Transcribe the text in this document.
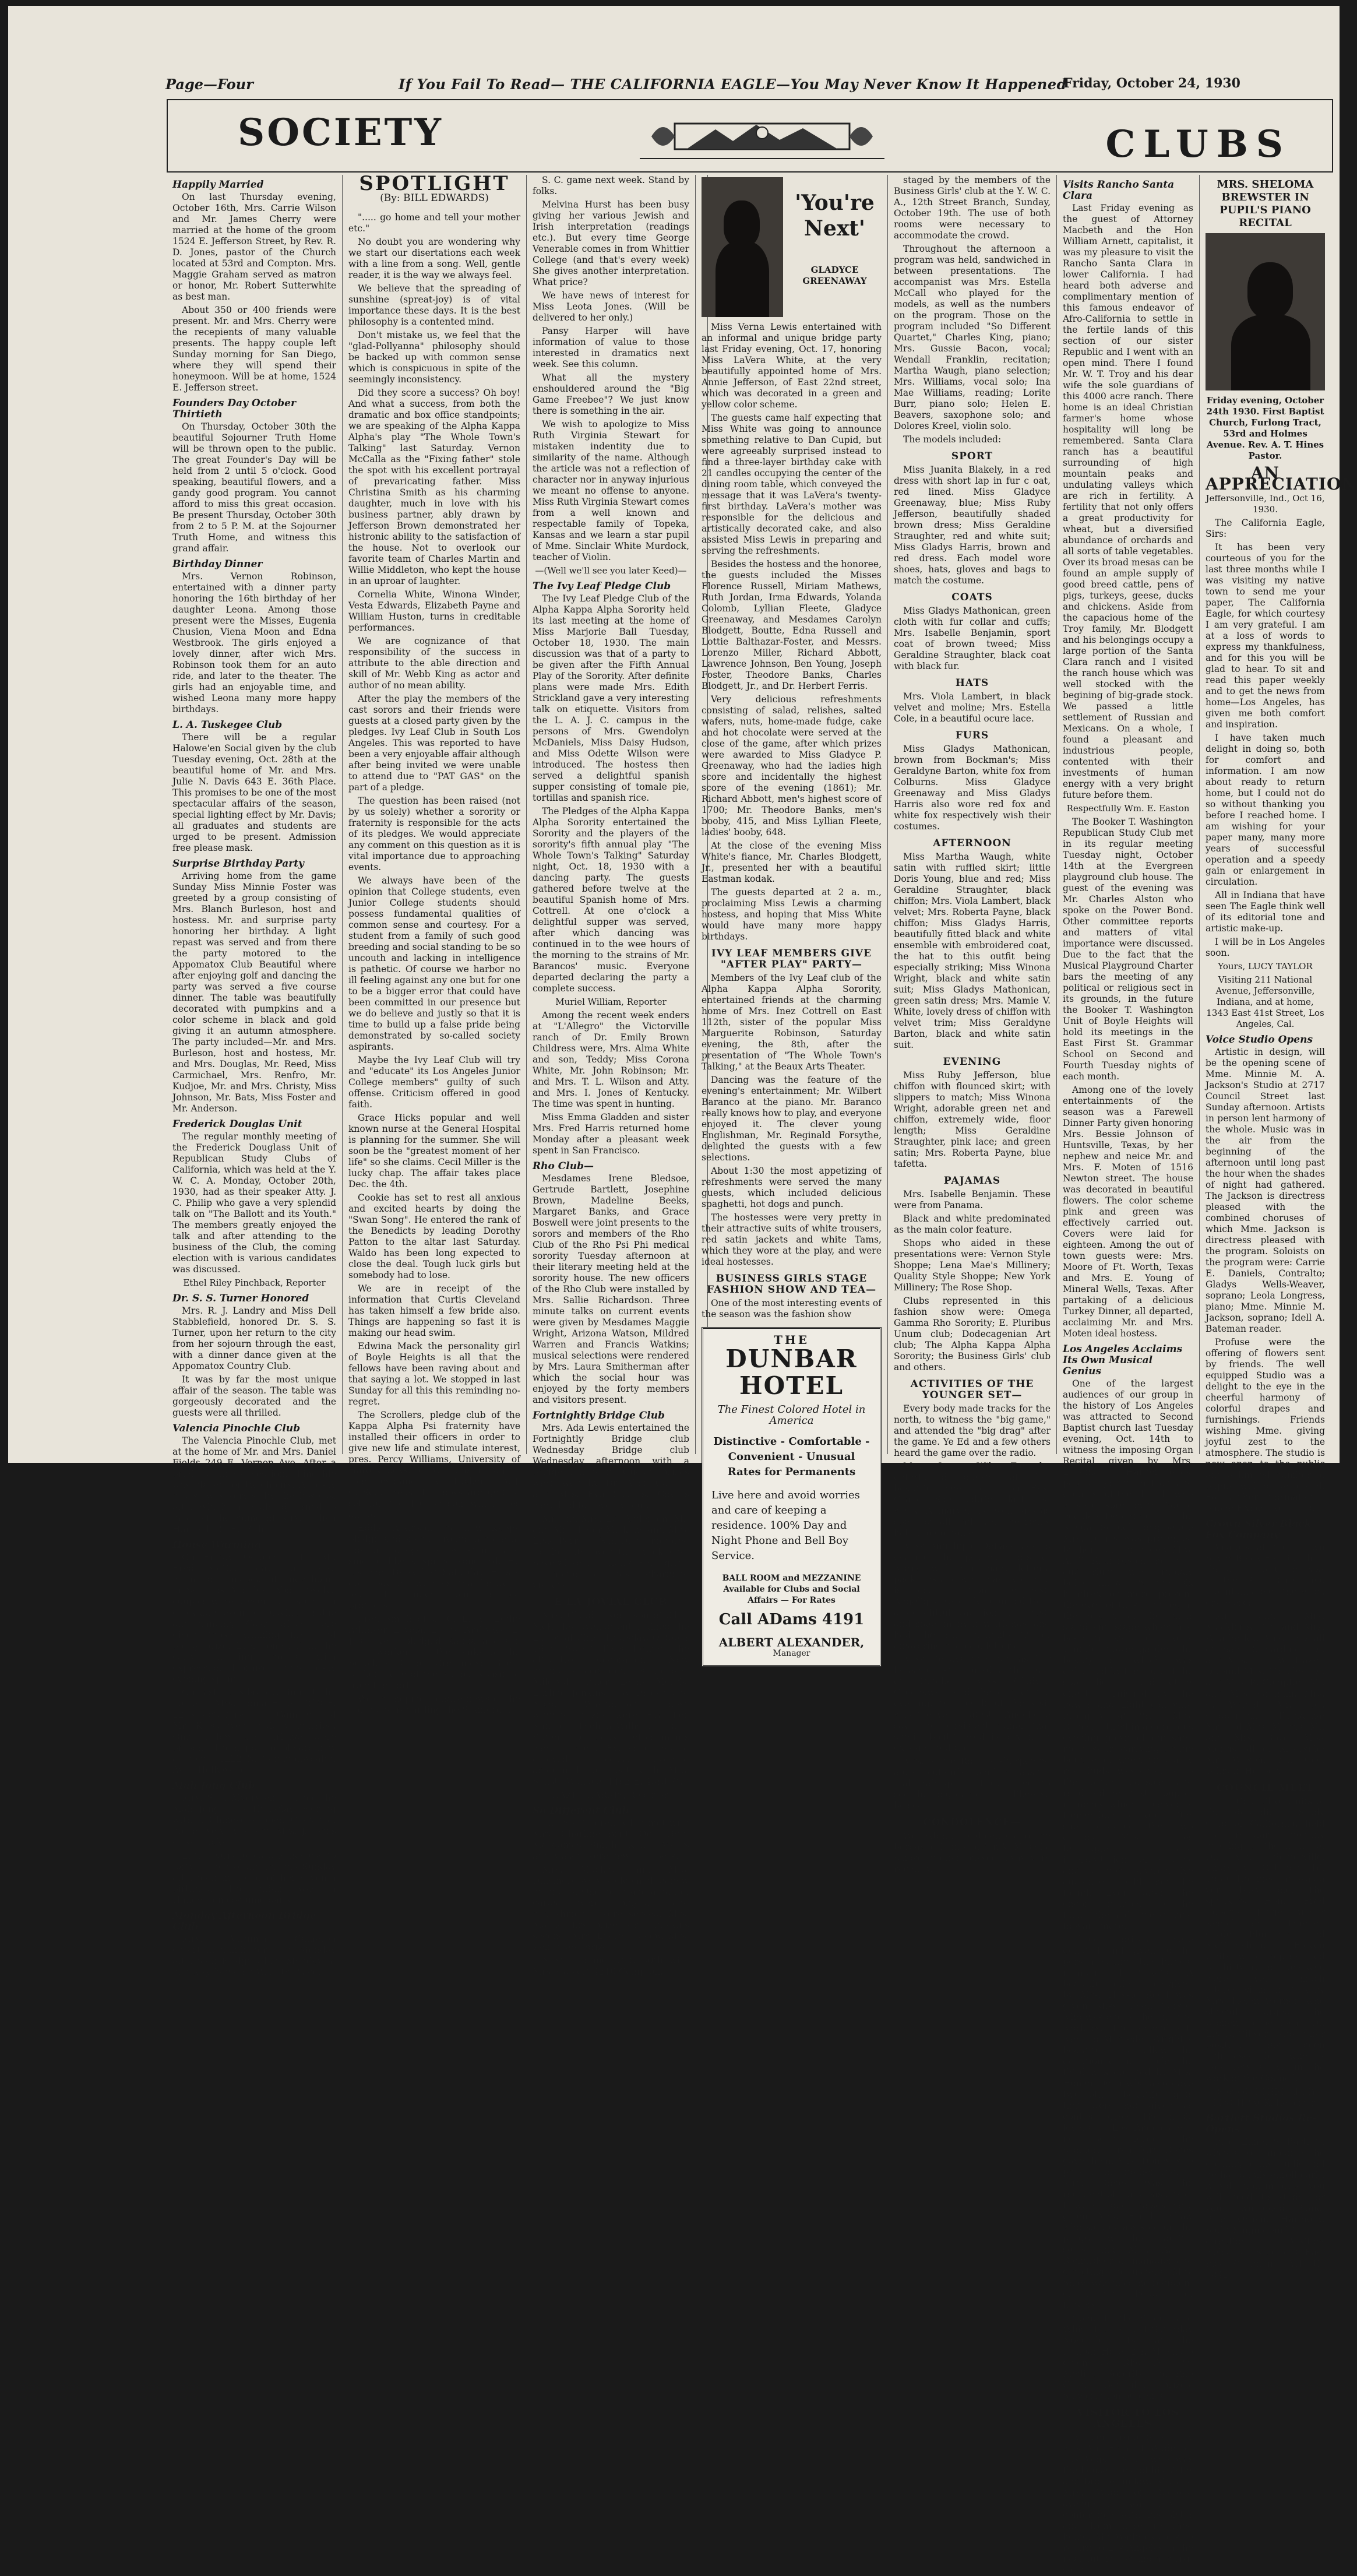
Page—Four	If You Fail To Read— THE CALIFORNIA EAGLE—You May Never Know It Happened
Friday, October 24, 1930
SOCIETY	CLUBS
Happily Married

On last Thursday evening, October 16th, Mrs. Carrie Wilson and Mr. James Cherry were married at the home of the groom 1524 E. Jefferson Street, by Rev. R. D. Jones, pastor of the Church located at 53rd and Compton. Mrs. Maggie Graham served as matron or honor, Mr. Robert Sutterwhite as best man.

About 350 or 400 friends were present. Mr. and Mrs. Cherry were the recepients of many valuable presents. The happy couple left Sunday morning for San Diego, where they will spend their honeymoon. Will be at home, 1524 E. Jefferson street.

Founders Day October Thirtieth

On Thursday, October 30th the beautiful Sojourner Truth Home will be thrown open to the public. The great Founder's Day will be held from 2 until 5 o'clock. Good speaking, beautiful flowers, and a gandy good program. You cannot afford to miss this great occasion. Be present Thursday, October 30th from 2 to 5 P. M. at the Sojourner Truth Home, and witness this grand affair.

Birthday Dinner

Mrs. Vernon Robinson, entertained with a dinner party honoring the 16th birthday of her daughter Leona. Among those present were the Misses, Eugenia Chusion, Viena Moon and Edna Westbrook. The girls enjoyed a lovely dinner, after wich Mrs. Robinson took them for an auto ride, and later to the theater. The girls had an enjoyable time, and wished Leona many more happy birthdays.

L. A. Tuskegee Club

There will be a regular Halowe'en Social given by the club Tuesday evening, Oct. 28th at the beautiful home of Mr. and Mrs. Julie N. Davis 643 E. 36th Place. This promises to be one of the most spectacular affairs of the season, special lighting effect by Mr. Davis; all graduates and students are urged to be present. Admission free please mask.

Surprise Birthday Party

Arriving home from the game Sunday Miss Minnie Foster was greeted by a group consisting of Mrs. Blanch Burleson, host and hostess. Mr. and surprise party honoring her birthday. A light repast was served and from there the party motored to the Appomatox Club Beautiful where after enjoying golf and dancing the party was served a five course dinner. The table was beautifully decorated with pumpkins and a color scheme in black and gold giving it an autumn atmosphere. The party included—Mr. and Mrs. Burleson, host and hostess, Mr. and Mrs. Douglas, Mr. Reed, Miss Carmichael, Mrs. Renfro, Mr. Kudjoe, Mr. and Mrs. Christy, Miss Johnson, Mr. Bats, Miss Foster and Mr. Anderson.

Frederick Douglas Unit

The regular monthly meeting of the Frederick Douglass Unit of Republican Study Clubs of California, which was held at the Y. W. C. A. Monday, October 20th, 1930, had as their speaker Atty. J. C. Philip who gave a very splendid talk on "The Ballott and its Youth." The members greatly enjoyed the talk and after attending to the business of the Club, the coming election with is various candidates was discussed.

Ethel Riley Pinchback, Reporter

Dr. S. S. Turner Honored

Mrs. R. J. Landry and Miss Dell Stabblefield, honored Dr. S. S. Turner, upon her return to the city from her sojourn through the east, with a dinner dance given at the Appomatox Country Club.

It was by far the most unique affair of the season. The table was gorgeously decorated and the guests were all thrilled.

Valencia Pinochle Club

The Valencia Pinochle Club, met at the home of Mr. and Mrs. Daniel Fields 249 E. Vernon Ave. After a brief business session. Pinochle was played for two hours. A lovely repast was served by the hostess, after which the club adjourned to meet at the home of Mrs. Lillian Harris 1134 E. 10th St.

House Warming

On Friday, October 17th, Mr. Fred McGee, gave a house warming at his beautiful new home in San Los Angeles. About twelve couples were present and spent an enjoyable evening playing bridge and dancing. Cash prizes were given those winning first and booby prize. Every one left in the early morning hours with expression of praise for the lovely evening spent.

On last Tuesday evening at the home of Mrs. Donia Hale, 1318 E. 22 Street, Miss Julia Gamble, and Mr. Kelso were quietly married. Only a few close friends were present. The happy couple are now at home, 1222 N. Commonwealth, Ave., Hollywood.

Mah Jong Club

Mrs. S. T. Myers entertained the Mah Jong club Thursday evening with a Chinese supper. Guests of honor were Atty. and Mrs. J. Jones of Kentucky.

Little Doris Jones was hostess to forty of her young friends Sunday afternoon in honor of her seventh birthday. The affair was a Hallowe'en costume party.

Monday Afternoon Bridge Club

Mrs. Virginia Cameron entertained in honor of the Monday afternoon Bridge Club, Monday at her cosy home on W. 37th Place.

SPOTLIGHT

(By: BILL EDWARDS)

"..... go home and tell your mother etc."

No doubt you are wondering why we start our disertations each week with a line from a song. Well, gentle reader, it is the way we always feel.

We believe that the spreading of sunshine (spreat-joy) is of vital importance these days. It is the best philosophy is a contented mind.

Don't mistake us, we feel that the "glad-Pollyanna" philosophy should be backed up with common sense which is conspicuous in spite of the seemingly inconsistency.

Did they score a success? Oh boy! And what a success, from both the dramatic and box office standpoints; we are speaking of the Alpha Kappa Alpha's play "The Whole Town's Talking" last Saturday. Vernon McCalla as the "Fixing father" stole the spot with his excellent portrayal of prevaricating father. Miss Christina Smith as his charming daughter, much in love with his business partner, ably drawn by Jefferson Brown demonstrated her histronic ability to the satisfaction of the house. Not to overlook our favorite team of Charles Martin and Willie Middleton, who kept the house in an uproar of laughter.

Cornelia White, Winona Winder, Vesta Edwards, Elizabeth Payne and William Huston, turns in creditable performances.

We are cognizance of that responsibility of the success in attribute to the able direction and skill of Mr. Webb King as actor and author of no mean ability.

After the play the members of the cast sorors and their friends were guests at a closed party given by the pledges. Ivy Leaf Club in South Los Angeles. This was reported to have been a very enjoyable affair although after being invited we were unable to attend due to "PAT GAS" on the part of a pledge.

The question has been raised (not by us solely) whether a sorority or fraternity is responsible for the acts of its pledges. We would appreciate any comment on this question as it is vital importance due to approaching events.

We always have been of the opinion that College students, even Junior College students should possess fundamental qualities of common sense and courtesy. For a student from a family of such good breeding and social standing to be so uncouth and lacking in intelligence is pathetic. Of course we harbor no ill feeling against any one but for one to be a bigger error that could have been committed in our presence but we do believe and justly so that it is time to build up a false pride being demonstrated by so-called society aspirants.

Maybe the Ivy Leaf Club will try and "educate" its Los Angeles Junior College members" guilty of such offense. Criticism offered in good faith.

Grace Hicks popular and well known nurse at the General Hospital is planning for the summer. She will soon be the "greatest moment of her life" so she claims. Cecil Miller is the lucky chap. The affair takes place Dec. the 4th.

Cookie has set to rest all anxious and excited hearts by doing the "Swan Song". He entered the rank of the Benedicts by leading Dorothy Patton to the altar last Saturday. Waldo has been long expected to close the deal. Tough luck girls but somebody had to lose.

We are in receipt of the information that Curtis Cleveland has taken himself a few bride also. Things are happening so fast it is making our head swim.

Edwina Mack the personality girl of Boyle Heights is all that the fellows have been raving about and that saying a lot. We stopped in last Sunday for all this this reminding no-regret.

The Scrollers, pledge club of the Kappa Alpha Psi fraternity have installed their officers in order to give new life and stimulate interest, pres. Percy Williams, University of Haro-Knocks, Bill Williams, L. A. J. C. vice-Pres.; and Calvin Tucker, L. A. J. C. Secy-Treas. The boys are getting set for the big season which lies ahead.

Eddie Atkinson the new Kappa pledge and star all-round athlete at Loyola college is whistling and singing like a spring songbird. He just met Daisy last Saturday. He's a good boy and we hope that he won't learn too much from his big brothers.

Fred Smith of U. C. L. A.; Eddie Atkinson Loyola, Laurie Andrews, L. J. C. were pledged Kappa and are hard workers in the ranks of the Scrollers Club. Greetings: Guest Ricketts one of the Kappa is visiting from the north.

We are hoping to have news of the northland regarding the Stanford-U.

S. C. game next week. Stand by folks.

Melvina Hurst has been busy giving her various Jewish and Irish interpretation (readings etc.). But every time George Venerable comes in from Whittier College (and that's every week) She gives another interpretation. What price?

We have news of interest for Miss Leota Jones. (Will be delivered to her only.)

Pansy Harper will have information of value to those interested in dramatics next week. See this column.

What all the mystery enshouldered around the "Big Game Freebee"? We just know there is something in the air.

We wish to apologize to Miss Ruth Virginia Stewart for mistaken indentity due to similarity of the name. Although the article was not a reflection of character nor in anyway injurious we meant no offense to anyone. Miss Ruth Virginia Stewart comes from a well known and respectable family of Topeka, Kansas and we learn a star pupil of Mme. Sinclair White Murdock, teacher of Violin.

—(Well we'll see you later Keed)—

The Ivy Leaf Pledge Club

The Ivy Leaf Pledge Club of the Alpha Kappa Alpha Sorority held its last meeting at the home of Miss Marjorie Ball Tuesday, October 18, 1930. The main discussion was that of a party to be given after the Fifth Annual Play of the Sorority. After definite plans were made Mrs. Edith Strickland gave a very interesting talk on etiquette. Visitors from the L. A. J. C. campus in the persons of Mrs. Gwendolyn McDaniels, Miss Daisy Hudson, and Miss Odette Wilson were introduced. The hostess then served a delightful spanish supper consisting of tomale pie, tortillas and spanish rice.

The Pledges of the Alpha Kappa Alpha Sorority entertained the Sorority and the players of the sorority's fifth annual play "The Whole Town's Talking" Saturday night, Oct. 18, 1930 with a dancing party. The guests gathered before twelve at the beautiful Spanish home of Mrs. Cottrell. At one o'clock a delightful supper was served, after which dancing was continued in to the wee hours of the morning to the strains of Mr. Barancos' music. Everyone departed declaring the party a complete success.

Muriel William, Reporter

Among the recent week enders at "L'Allegro" the Victorville ranch of Dr. Emily Brown Childress were, Mrs. Alma White and son, Teddy; Miss Corona White, Mr. John Robinson; Mr. and Mrs. T. L. Wilson and Atty. and Mrs. I. Jones of Kentucky. The time was spent in hunting.

Miss Emma Gladden and sister Mrs. Fred Harris returned home Monday after a pleasant week spent in San Francisco.

Rho Club—

Mesdames Irene Bledsoe, Gertrude Bartlett, Josephine Brown, Madeline Beeks, Margaret Banks, and Grace Boswell were joint presents to the sorors and members of the Rho Club of the Rho Psi Phi medical sorority Tuesday afternoon at their literary meeting held at the sorority house. The new officers of the Rho Club were installed by Mrs. Sallie Richardson. Three minute talks on current events were given by Mesdames Maggie Wright, Arizona Watson, Mildred Warren and Francis Watkins; musical selections were rendered by Mrs. Laura Smitherman after which the social hour was enjoyed by the forty members and visitors present.

Fortnightly Bridge Club

Mrs. Ada Lewis entertained the Fortnightly Bridge club Wednesday Bridge club Wednesday afternoon with a bridge luncheon. Guests prizes were won by Dr. Alice Garrott and Mrs. Eva Skanks. Covers were laid for twenty-four.

Mr. and Mrs. Ed. Anderson, Mr. and Mrs. Peter Mickens and Mrs. Elsie Perry of San Diego motored to the city over the week end. Several social affairs were given in honor of these charming visitors.

E LA JOVIAL CLUB

Mrs. Claudie Robinson of 3438 McKinley avenue entertained the La Jovial Girls, Thursday, October 16th. Sweet Peas formed the attractive decoration. New members accepted as follows: Mildred Tucker, Leona Morris, Earline Jenkins, Fay Brown and Nicola Washington. Those winning prizes were Eva Lee Mitchell, Thelma Willis and Ruth Butler. Delicious refreshments were served. Everyone having enjoyed a pleasant evening adjourned to meet with Mrs. Sylista Wallace, 1462 E. 43rd St.

HAZEL HARRIS, Reporter.

So Different Club

The So Different Club met with Mrs. Charline Britt, Oct. 16th. Mesdames Smith, Kent, Myers and Mason were new members.

Mrs. Mackey and Mrs. Dinsmore were welcomed as new members. One hour, and a half of cards were played, and refreshments were served. Mrs. Mackey first prize, Mrs. Hawkins second, Mrs. Everett booby. Mrs. Kent guest prize.

Next meeting, Oct. 30th with Mrs. Calvert 4216 Compton.

'You're Next'
GLADYCE GREENAWAY

Miss Verna Lewis entertained with an informal and unique bridge party last Friday evening, Oct. 17, honoring Miss LaVera White, at the very beautifully appointed home of Mrs. Annie Jefferson, of East 22nd street, which was decorated in a green and yellow color scheme.

The guests came half expecting that Miss White was going to announce something relative to Dan Cupid, but were agreeably surprised instead to find a three-layer birthday cake with 21 candles occupying the center of the dining room table, which conveyed the message that it was LaVera's twenty-first birthday. LaVera's mother was responsible for the delicious and artistically decorated cake, and also assisted Miss Lewis in preparing and serving the refreshments.

Besides the hostess and the honoree, the guests included the Misses Florence Russell, Miriam Mathews, Ruth Jordan, Irma Edwards, Yolanda Colomb, Lyllian Fleete, Gladyce Greenaway, and Mesdames Carolyn Blodgett, Boutte, Edna Russell and Lottie Balthazar-Foster, and Messrs. Lorenzo Miller, Richard Abbott, Lawrence Johnson, Ben Young, Joseph Foster, Theodore Banks, Charles Blodgett, Jr., and Dr. Herbert Ferris.

Very delicious refreshments consisting of salad, relishes, salted wafers, nuts, home-made fudge, cake and hot chocolate were served at the close of the game, after which prizes were awarded to Miss Gladyce P. Greenaway, who had the ladies high score and incidentally the highest score of the evening (1861); Mr. Richard Abbott, men's highest score of 1700; Mr. Theodore Banks, men's booby, 415, and Miss Lyllian Fleete, ladies' booby, 648.

At the close of the evening Miss White's fiance, Mr. Charles Blodgett, Jr., presented her with a beautiful Eastman kodak.

The guests departed at 2 a. m., proclaiming Miss Lewis a charming hostess, and hoping that Miss White would have many more happy birthdays.

IVY LEAF MEMBERS GIVE "AFTER PLAY" PARTY—

Members of the Ivy Leaf club of the Alpha Kappa Alpha Sorority, entertained friends at the charming home of Mrs. Inez Cottrell on East 112th, sister of the popular Miss Marguerite Robinson, Saturday evening, the 8th, after the presentation of "The Whole Town's Talking," at the Beaux Arts Theater.

Dancing was the feature of the evening's entertainment; Mr. Wilbert Baranco at the piano. Mr. Baranco really knows how to play, and everyone enjoyed it. The clever young Englishman, Mr. Reginald Forsythe, delighted the guests with a few selections.

About 1:30 the most appetizing of refreshments were served the many guests, which included delicious spaghetti, hot dogs and punch.

The hostesses were very pretty in their attractive suits of white trousers, red satin jackets and white Tams, which they wore at the play, and were ideal hostesses.

BUSINESS GIRLS STAGE FASHION SHOW AND TEA—

One of the most interesting events of the season was the fashion show

THE
DUNBAR HOTEL
The Finest Colored Hotel in America
Distinctive - Comfortable - Convenient - Unusual Rates for Permanents
Live here and avoid worries and care of keeping a residence. 100% Day and Night Phone and Bell Boy Service.
BALL ROOM and MEZZANINE Available for Clubs and Social Affairs — For Rates
Call ADams 4191
ALBERT ALEXANDER,
Manager

staged by the members of the Business Girls' club at the Y. W. C. A., 12th Street Branch, Sunday, October 19th. The use of both rooms were necessary to accommodate the crowd.

Throughout the afternoon a program was held, sandwiched in between presentations. The accompanist was Mrs. Estella McCall who played for the models, as well as the numbers on the program. Those on the program included "So Different Quartet," Charles King, piano; Mrs. Gussie Bacon, vocal; Wendall Franklin, recitation; Martha Waugh, piano selection; Mrs. Williams, vocal solo; Ina Mae Williams, reading; Lorite Burr, piano solo; Helen E. Beavers, saxophone solo; and Dolores Kreel, violin solo.

The models included:

SPORT

Miss Juanita Blakely, in a red dress with short lap in fur c oat, red lined. Miss Gladyce Greenaway, blue; Miss Ruby Jefferson, beautifully shaded brown dress; Miss Geraldine Straughter, red and white suit; Miss Gladys Harris, brown and red dress. Each model wore shoes, hats, gloves and bags to match the costume.

COATS

Miss Gladys Mathonican, green cloth with fur collar and cuffs; Mrs. Isabelle Benjamin, sport coat of brown tweed; Miss Geraldine Straughter, black coat with black fur.

HATS

Mrs. Viola Lambert, in black velvet and moline; Mrs. Estella Cole, in a beautiful ocure lace.

FURS

Miss Gladys Mathonican, brown from Bockman's; Miss Geraldyne Barton, white fox from Colburns. Miss Gladyce Greenaway and Miss Gladys Harris also wore red fox and white fox respectively wish their costumes.

AFTERNOON

Miss Martha Waugh, white satin with ruffled skirt; little Doris Young, blue and red; Miss Geraldine Straughter, black chiffon; Mrs. Viola Lambert, black velvet; Mrs. Roberta Payne, black chiffon; Miss Gladys Harris, beautifully fitted black and white ensemble with embroidered coat, the hat to this outfit being especially striking; Miss Winona Wright, black and white satin suit; Miss Gladys Mathonican, green satin dress; Mrs. Mamie V. White, lovely dress of chiffon with velvet trim; Miss Geraldyne Barton, black and white satin suit.

EVENING

Miss Ruby Jefferson, blue chiffon with flounced skirt; with slippers to match; Miss Winona Wright, adorable green net and chiffon, extremely wide, floor length; Miss Geraldine Straughter, pink lace; and green satin; Mrs. Roberta Payne, blue tafetta.

PAJAMAS

Mrs. Isabelle Benjamin. These were from Panama.

Black and white predominated as the main color feature.

Shops who aided in these presentations were: Vernon Style Shoppe; Lena Mae's Millinery; Quality Style Shoppe; New York Millinery; The Rose Shop.

Clubs represented in this fashion show were: Omega Gamma Rho Sorority; E. Pluribus Unum club; Dodecagenian Art club; The Alpha Kappa Alpha Sorority; the Business Girls' club and others.

ACTIVITIES OF THE YOUNGER SET—

Every body made tracks for the north, to witness the "big game," and attended the "big drag" after the game. Ye Ed and a few others heard the game over the radio.

Mrs. Irene Wilson-Forsythe entertained guests at her beautiful new home on East Grand, San Gabriel, last last week. A marvelous evening was spent by all and everyone really hated to go home.

Miss Angelique DeLavallade is causing the postman lots of worry, with her many letters, packages and what have you, she is receiving from the east. Angelique recently returned from a delightful vacation trip east, and made many new friends, and had the rare delights (?) of answering heaps of letters.

Miss DeLavallade had as her house guest, Thursday, the 16th of October, Miss Gladyce Greenaway, and the end of the evening, the result of the visit was the very "latest." Angelique says the persistent rumor that she is about to wed, is very much exaggerated (?).

Mrs. Marie Rout is sharpening a group of girls from her class for "rah, rah spirit." They expect to see the "big game," and likewise be seen.

CONDOLENCE—

We extend condolences to the bereaved family of Mr. V. M. Otis, whose mother passed away very recently.

Visits Rancho Santa Clara

Last Friday evening as the guest of Attorney Macbeth and the Hon William Arnett, capitalist, it was my pleasure to visit the Rancho Santa Clara in lower California. I had heard both adverse and complimentary mention of this famous endeavor of Afro-California to settle in the fertile lands of this section of our sister Republic and I went with an open mind. There I found Mr. W. T. Troy and his dear wife the sole guardians of this 4000 acre ranch. There home is an ideal Christian farmer's home whose hospitality will long be remembered. Santa Clara ranch has a beautiful surrounding of high mountain peaks and undulating valleys which are rich in fertility. A fertility that not only offers a great productivity for wheat, but a diversified abundance of orchards and all sorts of table vegetables. Over its broad mesas can be found an ample supply of good breed cattle, pens of pigs, turkeys, geese, ducks and chickens. Aside from the capacious home of the Troy family, Mr. Blodgett and his belongings occupy a large portion of the Santa Clara ranch and I visited the ranch house which was well stocked with the begining of big-grade stock. We passed a little settlement of Russian and Mexicans. On a whole, I found a pleasant and industrious people, contented with their investments of human energy with a very bright future before them.

Respectfully Wm. E. Easton

The Booker T. Washington Republican Study Club met in its regular meeting Tuesday night, October 14th at the Evergreen playground club house. The guest of the evening was Mr. Charles Alston who spoke on the Power Bond. Other committee reports and matters of vital importance were discussed. Due to the fact that the Musical Playground Charter bars the meeting of any political or religious sect in its grounds, in the future the Booker T. Washington Unit of Boyle Heights will hold its meetings in the East First St. Grammar School on Second and Fourth Tuesday nights of each month.

Among one of the lovely entertainments of the season was a Farewell Dinner Party given honoring Mrs. Bessie Johnson of Huntsville, Texas, by her nephew and neice Mr. and Mrs. F. Moten of 1516 Newton street. The house was decorated in beautiful flowers. The color scheme pink and green was effectively carried out. Covers were laid for eighteen. Among the out of town guests were: Mrs. Moore of Ft. Worth, Texas and Mrs. E. Young of Mineral Wells, Texas. After partaking of a delicious Turkey Dinner, all departed, acclaiming Mr. and Mrs. Moten ideal hostess.

Los Angeles Acclaims Its Own Musical Genius

One of the largest audiences of our group in the history of Los Angeles was attracted to Second Baptist church last Tuesday evening, Oct. 14th to witness the imposing Organ Recital given by Mrs. Luvenia Harper-Dones, popular young matron and organist of the church, who was sponsored by the Young People's Department of the Sunday School. Long before Mrs. Dones was presented by her able manager, Mrs. A. C. Richardson, the main auditorium was rapidly being filled. By the six hundred or more present the eyes of these thrilled at the beauty of the choir stand and stage which had been transformed into a ventable flower garden, the beauty of which was enhanced by the glow of the spot lights, and other effects furnished by the Power and Light company. Promptly at 8:15 Mrs. Dones, attired in a gorgeous evening gown of egg-shell moire satin, carrying a huge bouquet of American beauty rose buds, was escorted to the organ console and rendered her first group of numbers which received a tremendous encore after she rendered the two groups. Mrs. Dones technique and interpretation were superb, and a more appreciative audience could not be found. Even after the encore number to the finale, the audience seemed to want more.

Three prizes were donated and given to the person selling the largest number of tickets. A beautiful coffee table given by Mrs. Hassie Reed was given Miss Helen Carson who was one of the untiring workers. The second gift went to Mercedes Wright a beautiful silk pillow the donation of her uncle; the third was donated by Mrs. Homer Dean who also gave two other beautiful gifts that were not given as contest prizes. The music lovers of Los Angeles will not soon forget the wonderful treat Mrs. Dones gave them. Mrs. Dones is to present in another recital. Mrs. Dones was the recipient of many baskets of flowers. Loud praises were given Mrs. Frieda Shaw who so ably assisted on the program with her beautiful solos and Mrs. A. C. Richardson as manager and directing the ushers. Mrs. Shaw was also the recipient of a huge bouquet of flowers.

Come to the Bridge and Whist Tournament Saturday November 1st at the Dunbar Hotel 2 P. M. sharp given by Rho Psi Phi Medical Sorority and Rho Club. Beautiful prizes. Subscription 50 cents.

VISITOR TO LOS ANGELES—

A recent visitor to our city was Mr. Emmett Wade, of Las Vegas, Nev., who was the house guest of his sister and brother-in-law, Mr. and Mrs. Wade of Budlong avenue. He was here in conference with his sister and from here returned home. Mr. Wade expects to return to Los Angeles in the near future for another visit soon.

MRS. SHELOMA BREWSTER IN PUPIL'S PIANO RECITAL

Friday evening, October 24th 1930. First Baptist Church, Furlong Tract, 53rd and Holmes Avenue. Rev. A. T. Hines Pastor.

AN APPRECIATION

Jeffersonville, Ind., Oct 16, 1930.

The California Eagle, Sirs:

It has been very courteous of you for the last three months while I was visiting my native town to send me your paper, The California Eagle, for which courtesy I am very grateful. I am at a loss of words to express my thankfulness, and for this you will be glad to hear. To sit and read this paper weekly and to get the news from home—Los Angeles, has given me both comfort and inspiration.

I have taken much delight in doing so, both for comfort and information. I am now about ready to return home, but I could not do so without thanking you before I reached home. I am wishing for your paper many, many more years of successful operation and a speedy gain or enlargement in circulation.

All in Indiana that have seen The Eagle think well of its editorial tone and artistic make-up.

I will be in Los Angeles soon.

Yours, LUCY TAYLOR

Visiting 211 National Avenue, Jeffersonville, Indiana, and at home, 1343 East 41st Street, Los Angeles, Cal.

Voice Studio Opens

Artistic in design, will be the opening scene of Mme. Minnie M. A. Jackson's Studio at 2717 Council Street last Sunday afternoon. Artists in person lent harmony of the whole. Music was in the air from the beginning of the afternoon until long past the hour when the shades of night had gathered. The Jackson is directress pleased with the combined choruses of which Mme. Jackson is directress pleased with the program. Soloists on the program were: Carrie E. Daniels, Contralto; Gladys Wells-Weaver, soprano; Leola Longress, piano; Mme. Minnie M. Jackson, soprano; Idell A. Bateman reader.

Profuse were the offering of flowers sent by friends. The well equipped Studio was a delight to the eye in the cheerful harmony of colorful drapes and furnishings. Friends wishing Mme. giving joyful zest to the atmosphere. The studio is now open to the public and a limited number of pupils will be accepted. For further information—phone EXposition 5079.

Crown Silver Black Fox Company

Visitors at the Crown Silver Black Fox Ranch at the summit of Cajon Pass in the San Bernardino mountains over the week end were:

Mr. and Mrs. Muckleroy, Mr. and Mrs. Weatherley, Mrs. Inez all of San Bernardino; Dr. and Mrs. T. T. Whittaker, Dr. and Mrs. McRiley, Dr. and Mrs. R. Compton, Mr. and Mrs. Graham, Mrs. C. Wright, Mr. Jack Clipper, all of Pasadena; Mr. and Mrs. Morris, Mr. and Mrs. Boyd, Miss Morris all of Riverside; Mr. Wilson, Mr. Geo. Tolman, Hesperia.

COUNCIL MEET

The Council of Units of the Republican Study Club of California, held its regular monthly meeting at the home of Dr. Vada Somerville, Thursday, October 16, 1930. The meeting was a very busy one. The speakers Hon. Fred Roberts, Judge Arthur Keetch, Sheriff Traeger, Clyde Plummer and McClanahan. Eleven Units were represented by thirty-five persons who were very much interested in the talk by Mrs. Helen Werner, who strongly urged the women to be loyal. Dr. Elsora Gibson, who in her position has been indisposed but who is now very active in the work of the Council.

(Signed) ETHEL LILEY PINCHBACK, Reporter.

Bartlett Studios Re-Opens

Prof. Elmer S. Bartlett, wishes to announce the opening of his studio and he has pupils enroll early. A reduction in price, you will need to study for your own good. Piano, Pipe Organ, Harmony, Sight Singing and Chorus direction. Visitors welcome. Studio 8 East Pico St. Phone, ATlantic 7842.
